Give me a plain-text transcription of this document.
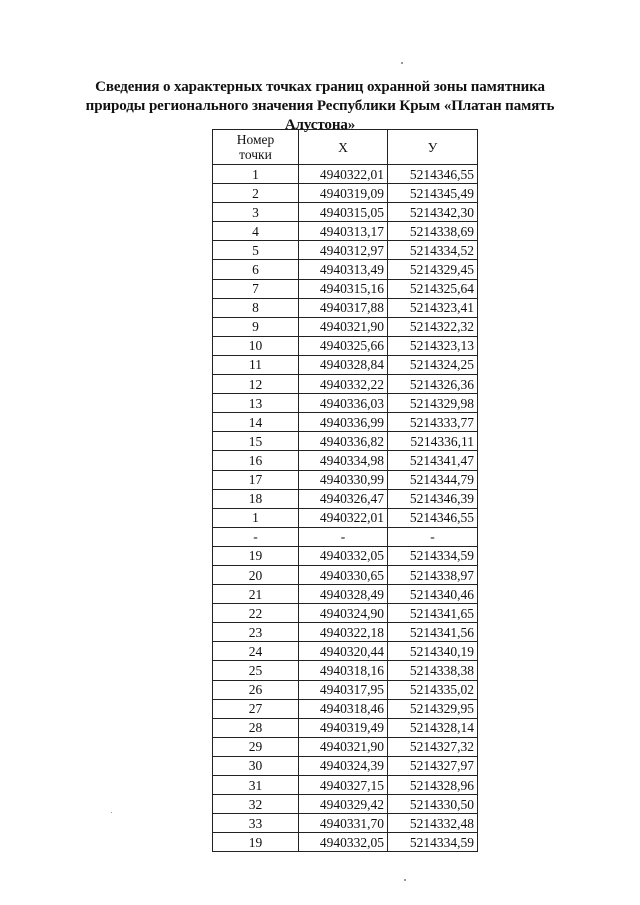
Сведения о характерных точках границ охранной зоны памятника
природы регионального значения Республики Крым «Платан память
Алустона»
Номер
точки	Х	У
1	4940322,01	5214346,55
2	4940319,09	5214345,49
3	4940315,05	5214342,30
4	4940313,17	5214338,69
5	4940312,97	5214334,52
6	4940313,49	5214329,45
7	4940315,16	5214325,64
8	4940317,88	5214323,41
9	4940321,90	5214322,32
10	4940325,66	5214323,13
11	4940328,84	5214324,25
12	4940332,22	5214326,36
13	4940336,03	5214329,98
14	4940336,99	5214333,77
15	4940336,82	5214336,11
16	4940334,98	5214341,47
17	4940330,99	5214344,79
18	4940326,47	5214346,39
1	4940322,01	5214346,55
-	-	-
19	4940332,05	5214334,59
20	4940330,65	5214338,97
21	4940328,49	5214340,46
22	4940324,90	5214341,65
23	4940322,18	5214341,56
24	4940320,44	5214340,19
25	4940318,16	5214338,38
26	4940317,95	5214335,02
27	4940318,46	5214329,95
28	4940319,49	5214328,14
29	4940321,90	5214327,32
30	4940324,39	5214327,97
31	4940327,15	5214328,96
32	4940329,42	5214330,50
33	4940331,70	5214332,48
19	4940332,05	5214334,59
